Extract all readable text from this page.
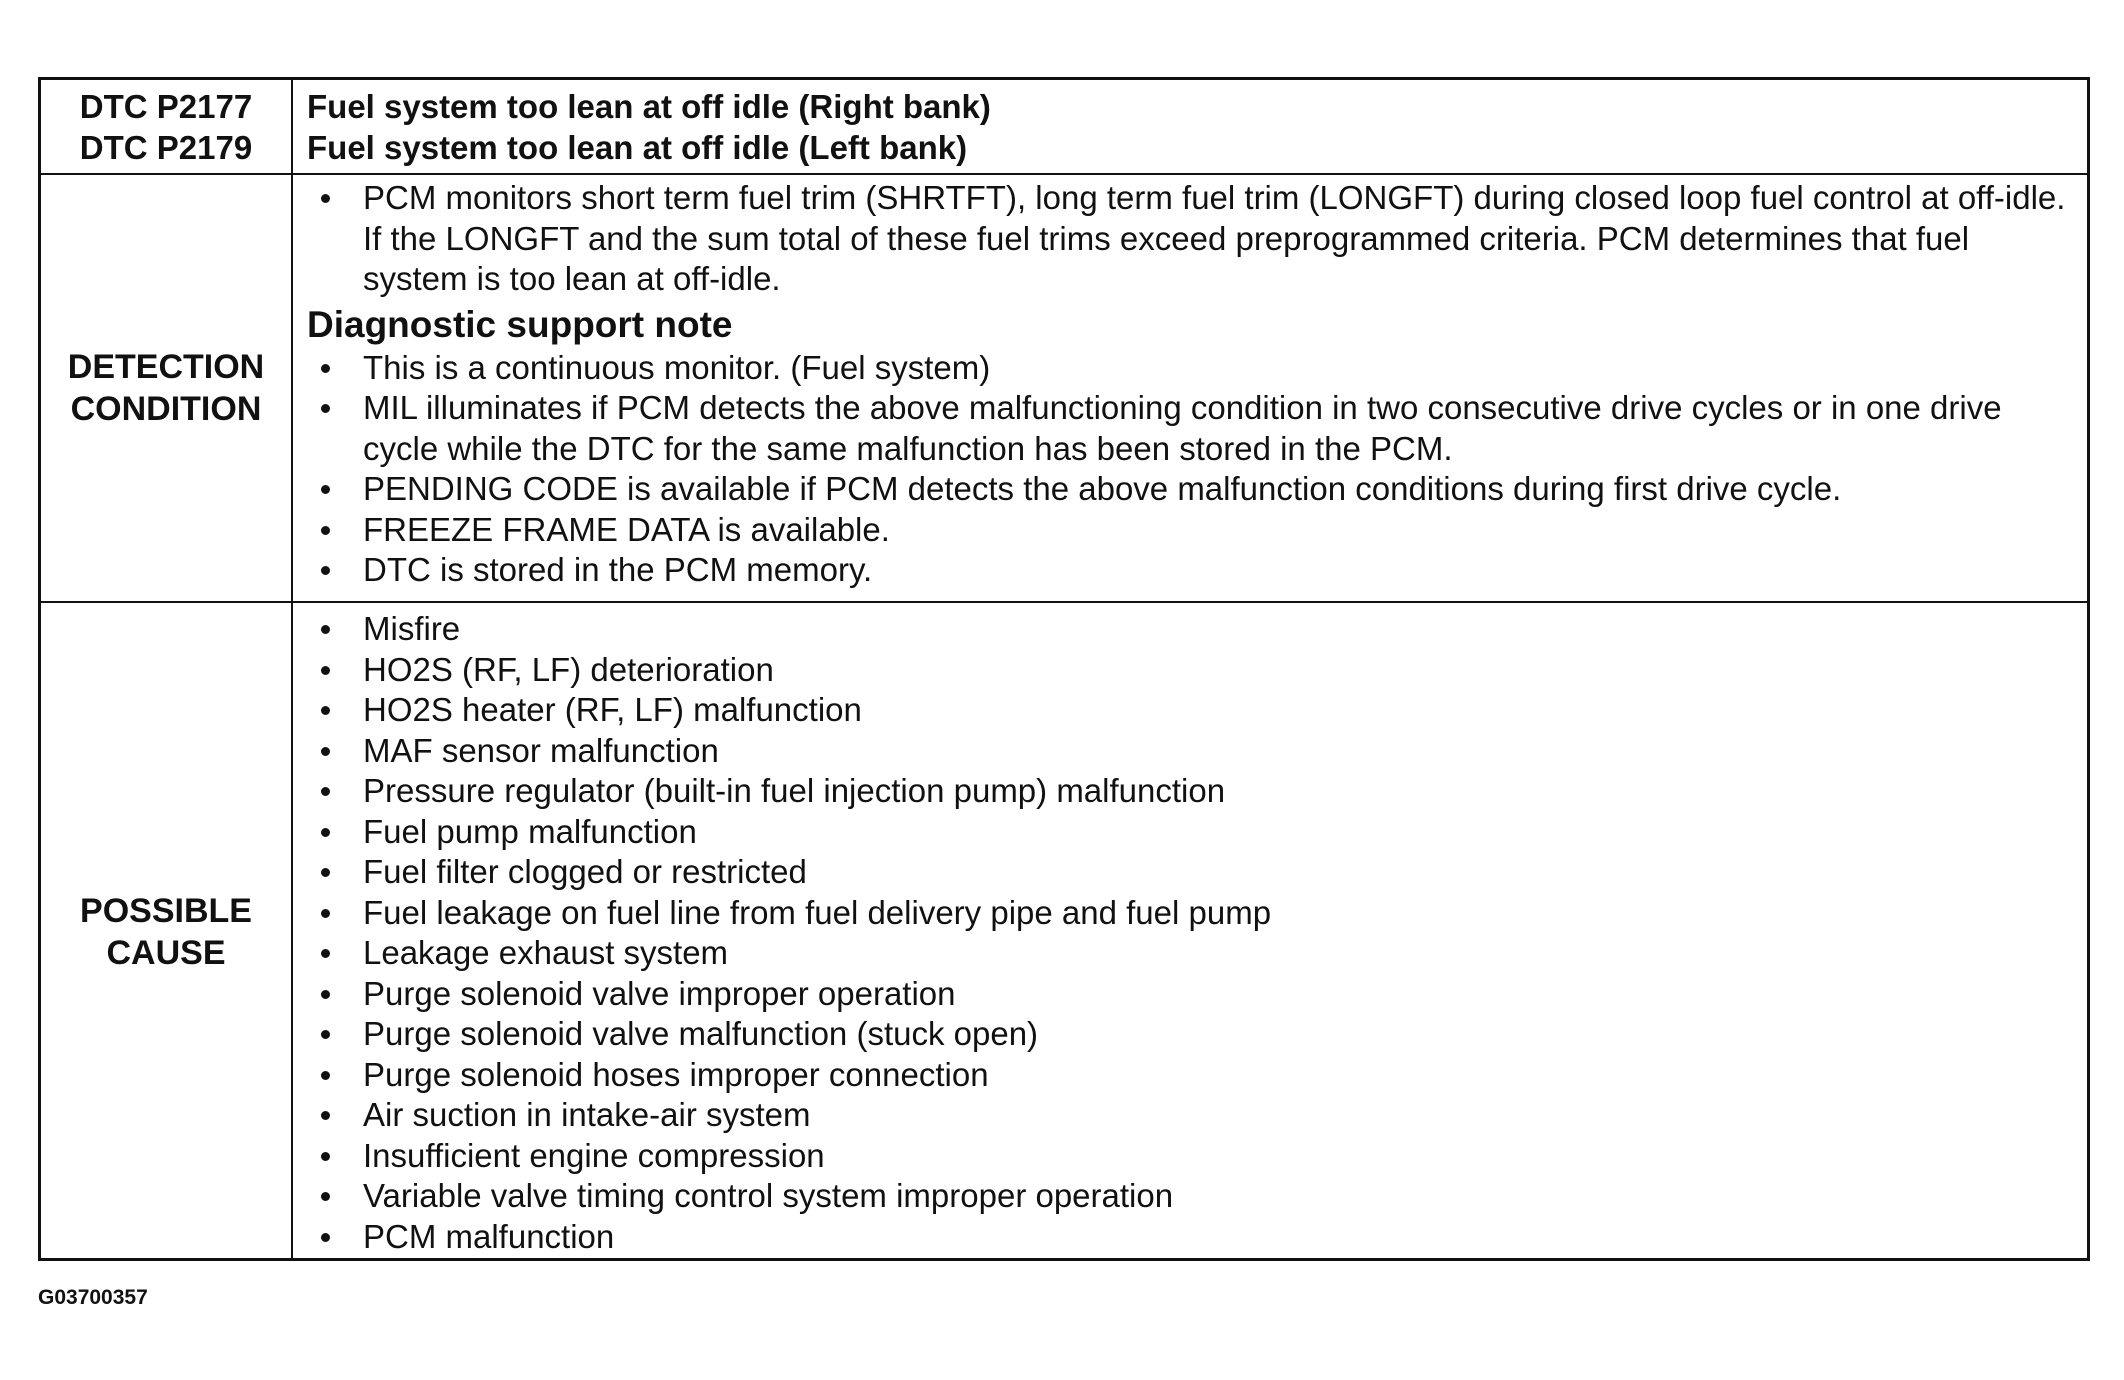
DTC P2177
DTC P2179
Fuel system too lean at off idle (Right bank)
Fuel system too lean at off idle (Left bank)
DETECTION
CONDITION
PCM monitors short term fuel trim (SHRTFT), long term fuel trim (LONGFT) during closed loop fuel control at off-idle. If the LONGFT and the sum total of these fuel trims exceed preprogrammed criteria. PCM determines that fuel system is too lean at off-idle.
Diagnostic support note
This is a continuous monitor. (Fuel system)
MIL illuminates if PCM detects the above malfunctioning condition in two consecutive drive cycles or in one drive cycle while the DTC for the same malfunction has been stored in the PCM.
PENDING CODE is available if PCM detects the above malfunction conditions during first drive cycle.
FREEZE FRAME DATA is available.
DTC is stored in the PCM memory.
POSSIBLE
CAUSE
Misfire
HO2S (RF, LF) deterioration
HO2S heater (RF, LF) malfunction
MAF sensor malfunction
Pressure regulator (built-in fuel injection pump) malfunction
Fuel pump malfunction
Fuel filter clogged or restricted
Fuel leakage on fuel line from fuel delivery pipe and fuel pump
Leakage exhaust system
Purge solenoid valve improper operation
Purge solenoid valve malfunction (stuck open)
Purge solenoid hoses improper connection
Air suction in intake-air system
Insufficient engine compression
Variable valve timing control system improper operation
PCM malfunction
G03700357
